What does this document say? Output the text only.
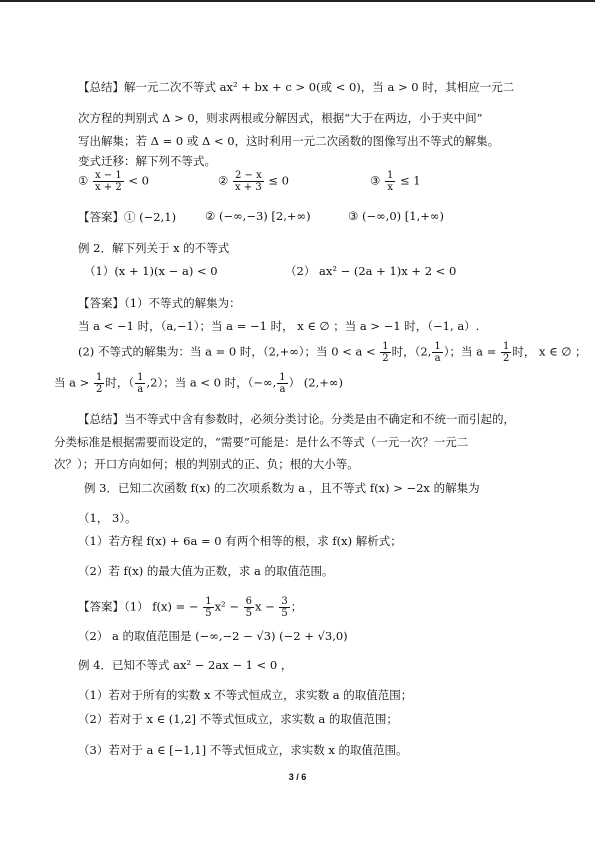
【总结】解一元二次不等式 ax² + bx + c > 0(或 < 0)，当 a > 0 时，其相应一元二
次方程的判别式 Δ > 0，则求两根或分解因式，根据“大于在两边，小于夹中间”
写出解集；若 Δ = 0 或 Δ < 0，这时利用一元二次函数的图像写出不等式的解集。
变式迁移：解下列不等式。
① $\frac{x - 1}{x + 2} < 0$	② $\frac{2 - x}{x + 3} \le 0$	③ $\frac{1}{x} \le 1$
【答案】① (−2,1)	② (−∞,−3) [2,+∞)	③ (−∞,0) [1,+∞)
例 2．解下列关于 x 的不等式
（1）(x + 1)(x − a) < 0	（2） ax² − (2a + 1)x + 2 < 0
【答案】（1）不等式的解集为：
当 a < −1 时，（a,−1）；当 a = −1 时， x ∈ ∅ ；当 a > −1 时，（−1, a）.
(2) 不等式的解集为：当 a = 0 时，（2,+∞）；当 $0 < a < \frac{1}{2}$ 时，（2, $\frac{1}{a}$ ）；当 $a = \frac{1}{2}$ 时， x ∈ ∅ ；
当 $a > \frac{1}{2}$ 时，（ $\frac{1}{a} ,2$）；当 a < 0 时，（−∞, $\frac{1}{a}$ ） (2,+∞)
【总结】当不等式中含有参数时，必须分类讨论。分类是由不确定和不统一而引起的，
分类标准是根据需要而设定的，“需要”可能是：是什么不等式（一元一次？一元二
次？）；开口方向如何；根的判别式的正、负；根的大小等。
例 3．已知二次函数 f(x) 的二次项系数为 a ，且不等式 f(x) > −2x 的解集为
（1， 3）。
（1）若方程 f(x) + 6a = 0 有两个相等的根，求 f(x) 解析式；
（2）若 f(x) 的最大值为正数，求 a 的取值范围。
【答案】（1） f(x) = − $\frac{1}{5} x^2 - \frac{6}{5}$ $x - \frac{3}{5}$ ；
（2） a 的取值范围是 (−∞,−2 − √3) (−2 + √3,0)
例 4．已知不等式 ax² − 2ax − 1 < 0 ，
（1）若对于所有的实数 x 不等式恒成立，求实数 a 的取值范围；
（2）若对于 x ∈ (1,2] 不等式恒成立，求实数 a 的取值范围；
（3）若对于 a ∈ [−1,1] 不等式恒成立，求实数 x 的取值范围。
3 / 6
